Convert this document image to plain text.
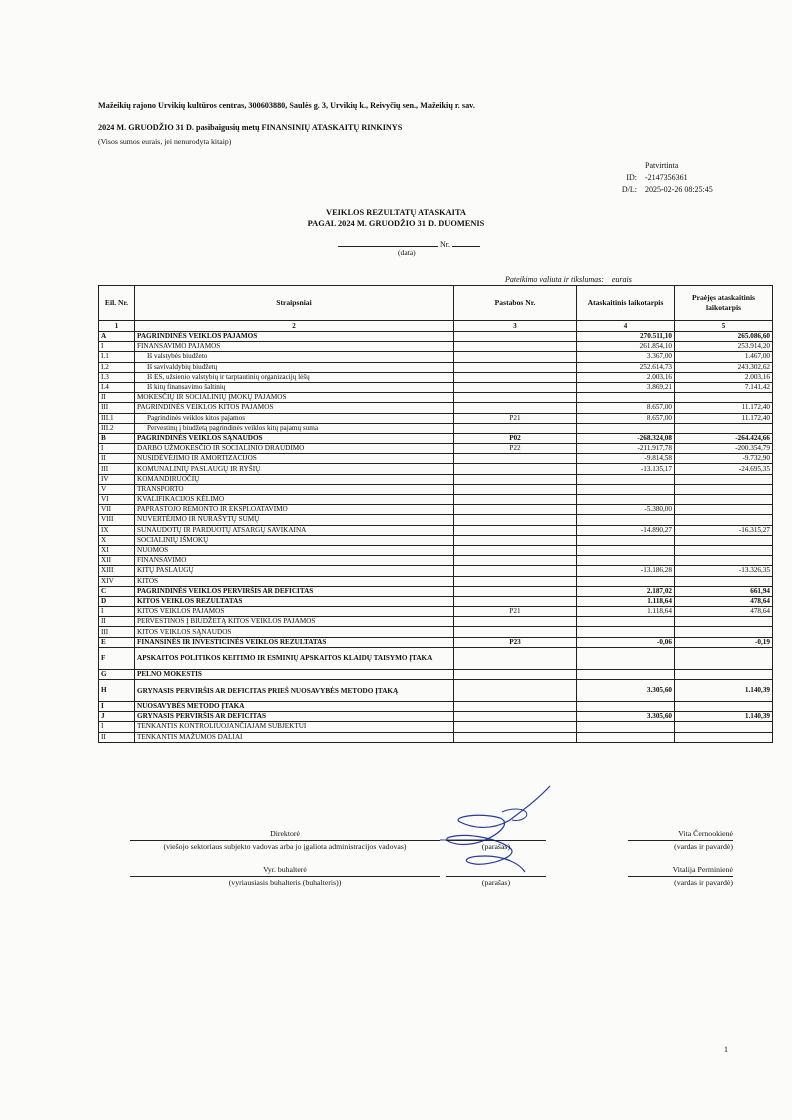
Mažeikių rajono Urvikių kultūros centras, 300603880, Saulės g. 3, Urvikių k., Reivyčių sen., Mažeikių r. sav.
2024 M. GRUODŽIO 31 D. pasibaigusių metų FINANSINIŲ ATASKAITŲ RINKINYS
(Visos sumos eurais, jei nenurodyta kitaip)
Patvirtinta
-2147356361
2025-02-26 08:25:45
ID:
D/L:
VEIKLOS REZULTATŲ ATASKAITA
PAGAL 2024 M. GRUODŽIO 31 D. DUOMENIS
Nr.
(data)
Pateikimo valiuta ir tikslumas: eurais
Eil. Nr.	Straipsniai	Pastabos Nr.	Ataskaitinis laikotarpis	Praėjęs ataskaitinis laikotarpis
1	2	3	4	5
A	PAGRINDINĖS VEIKLOS PAJAMOS		270.511,10	265.086,60
I	FINANSAVIMO PAJAMOS		261.854,10	253.914,20
I.1	Iš valstybės biudžeto		3.367,00	1.467,00
I.2	Iš savivaldybių biudžetų		252.614,73	243.302,62
I.3	Iš ES, užsienio valstybių ir tarptautinių organizacijų lėšų		2.003,16	2.003,16
I.4	Iš kitų finansavimo šaltinių		3.869,21	7.141,42
II	MOKESČIŲ IR SOCIALINIŲ ĮMOKŲ PAJAMOS			
III	PAGRINDINĖS VEIKLOS KITOS PAJAMOS		8.657,00	11.172,40
III.1	Pagrindinės veiklos kitos pajamos	P21	8.657,00	11.172,40
III.2	Pervestinų į biudžetą pagrindinės veiklos kitų pajamų suma			
B	PAGRINDINĖS VEIKLOS SĄNAUDOS	P02	-268.324,08	-264.424,66
I	DARBO UŽMOKESČIO IR SOCIALINIO DRAUDIMO	P22	-211.917,78	-200.354,79
II	NUSIDĖVĖJIMO IR AMORTIZACIJOS		-9.814,58	-9.732,90
III	KOMUNALINIŲ PASLAUGŲ IR RYŠIŲ		-13.135,17	-24.695,35
IV	KOMANDIRUOČIŲ			
V	TRANSPORTO			
VI	KVALIFIKACIJOS KĖLIMO			
VII	PAPRASTOJO REMONTO IR EKSPLOATAVIMO		-5.380,00	
VIII	NUVERTĖJIMO IR NURAŠYTŲ SUMŲ			
IX	SUNAUDOTŲ IR PARDUOTŲ ATSARGŲ SAVIKAINA		-14.890,27	-16.315,27
X	SOCIALINIŲ IŠMOKŲ			
XI	NUOMOS			
XII	FINANSAVIMO			
XIII	KITŲ PASLAUGŲ		-13.186,28	-13.326,35
XIV	KITOS			
C	PAGRINDINĖS VEIKLOS PERVIRŠIS AR DEFICITAS		2.187,02	661,94
D	KITOS VEIKLOS REZULTATAS		1.118,64	478,64
I	KITOS VEIKLOS PAJAMOS	P21	1.118,64	478,64
II	PERVESTINOS Į BIUDŽETĄ KITOS VEIKLOS PAJAMOS			
III	KITOS VEIKLOS SĄNAUDOS			
E	FINANSINĖS IR INVESTICINĖS VEIKLOS REZULTATAS	P23	-0,06	-0,19
F	APSKAITOS POLITIKOS KEITIMO IR ESMINIŲ APSKAITOS KLAIDŲ TAISYMO ĮTAKA			
G	PELNO MOKESTIS			
H	GRYNASIS PERVIRŠIS AR DEFICITAS PRIEŠ NUOSAVYBĖS METODO ĮTAKĄ		3.305,60	1.140,39
I	NUOSAVYBĖS METODO ĮTAKA			
J	GRYNASIS PERVIRŠIS AR DEFICITAS		3.305,60	1.140,39
I	TENKANTIS KONTROLIUOJANČIAJAM SUBJEKTUI			
II	TENKANTIS MAŽUMOS DALIAI			
Direktorė
(viešojo sektoriaus subjekto vadovas arba jo įgaliota administracijos vadovas)	(parašas)
Vita Černookienė
(vardas ir pavardė)
Vyr. buhalterė
(vyriausiasis buhalteris (buhalteris))	(parašas)
Vitalija Perminienė
(vardas ir pavardė)
1
